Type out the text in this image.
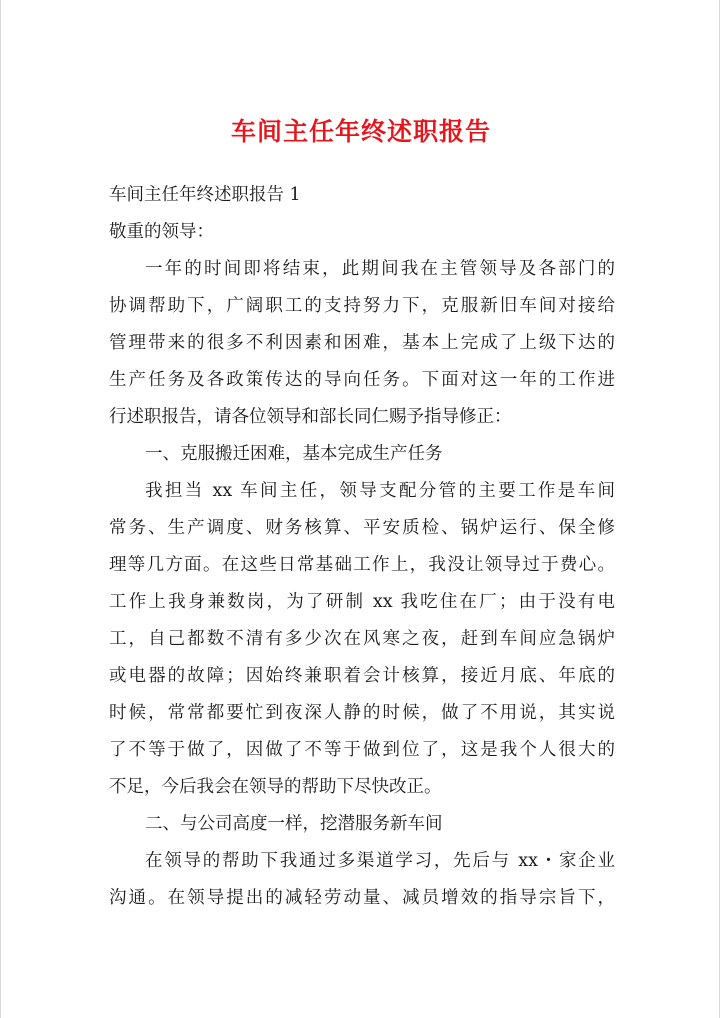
车间主任年终述职报告
车间主任年终述职报告 1
敬重的领导：
一年的时间即将结束，此期间我在主管领导及各部门的
协调帮助下，广阔职工的支持努力下，克服新旧车间对接给
管理带来的很多不利因素和困难，基本上完成了上级下达的
生产任务及各政策传达的导向任务。下面对这一年的工作进
行述职报告，请各位领导和部长同仁赐予指导修正：
一、克服搬迁困难，基本完成生产任务
我担当 xx 车间主任，领导支配分管的主要工作是车间
常务、生产调度、财务核算、平安质检、锅炉运行、保全修
理等几方面。在这些日常基础工作上，我没让领导过于费心。
工作上我身兼数岗，为了研制 xx 我吃住在厂；由于没有电
工，自己都数不清有多少次在风寒之夜，赶到车间应急锅炉
或电器的故障；因始终兼职着会计核算，接近月底、年底的
时候，常常都要忙到夜深人静的时候，做了不用说，其实说
了不等于做了，因做了不等于做到位了，这是我个人很大的
不足，今后我会在领导的帮助下尽快改正。
二、与公司高度一样，挖潜服务新车间
在领导的帮助下我通过多渠道学习，先后与 xx・家企业
沟通。在领导提出的减轻劳动量、减员增效的指导宗旨下，
